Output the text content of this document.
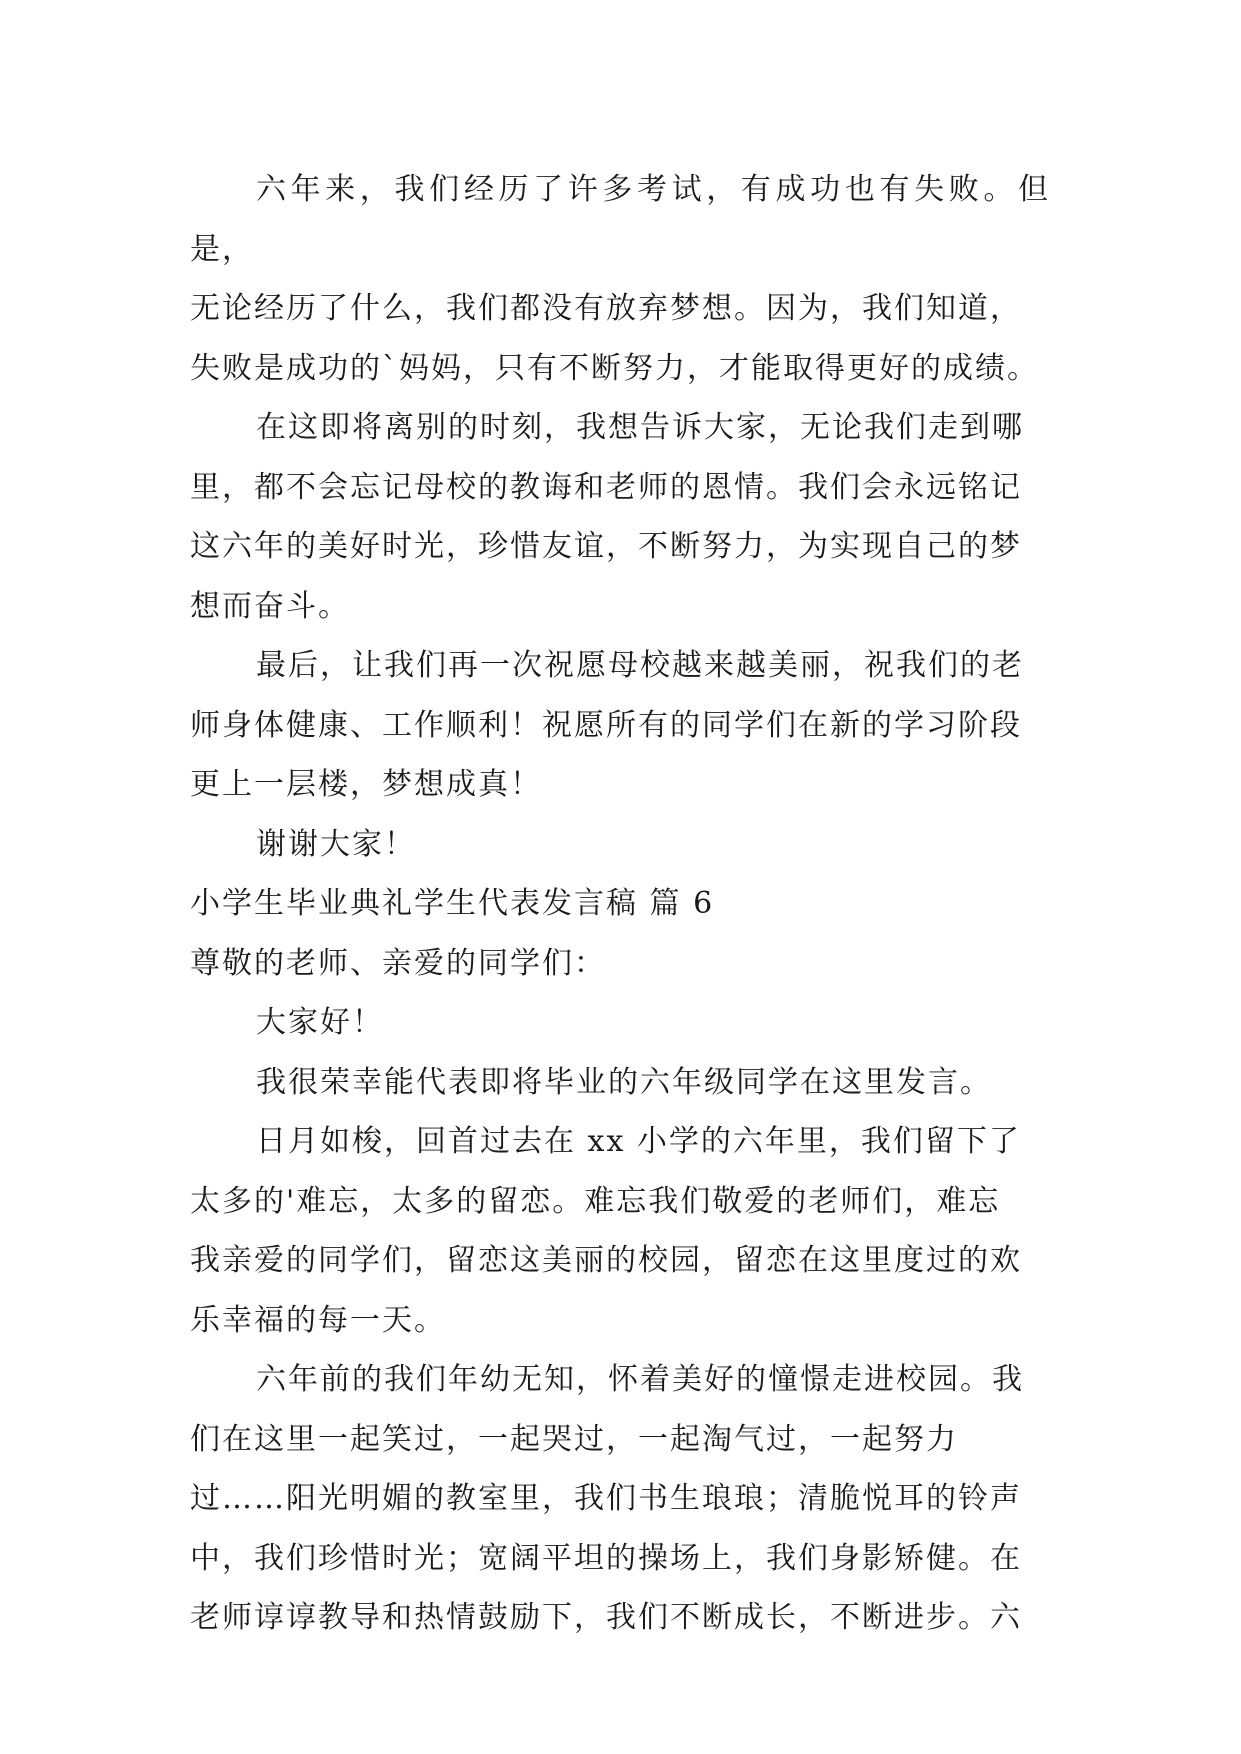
六年来，我们经历了许多考试，有成功也有失败。但是，
无论经历了什么，我们都没有放弃梦想。因为，我们知道，
失败是成功的`妈妈，只有不断努力，才能取得更好的成绩。

在这即将离别的时刻，我想告诉大家，无论我们走到哪
里，都不会忘记母校的教诲和老师的恩情。我们会永远铭记
这六年的美好时光，珍惜友谊，不断努力，为实现自己的梦
想而奋斗。

最后，让我们再一次祝愿母校越来越美丽，祝我们的老
师身体健康、工作顺利！祝愿所有的同学们在新的学习阶段
更上一层楼，梦想成真！

谢谢大家！

小学生毕业典礼学生代表发言稿 篇 6

尊敬的老师、亲爱的同学们：

大家好！

我很荣幸能代表即将毕业的六年级同学在这里发言。

日月如梭，回首过去在 xx 小学的六年里，我们留下了
太多的'难忘，太多的留恋。难忘我们敬爱的老师们，难忘
我亲爱的同学们，留恋这美丽的校园，留恋在这里度过的欢
乐幸福的每一天。

六年前的我们年幼无知，怀着美好的憧憬走进校园。我
们在这里一起笑过，一起哭过，一起淘气过，一起努力
过……阳光明媚的教室里，我们书生琅琅；清脆悦耳的铃声
中，我们珍惜时光；宽阔平坦的操场上，我们身影矫健。在
老师谆谆教导和热情鼓励下，我们不断成长，不断进步。六
